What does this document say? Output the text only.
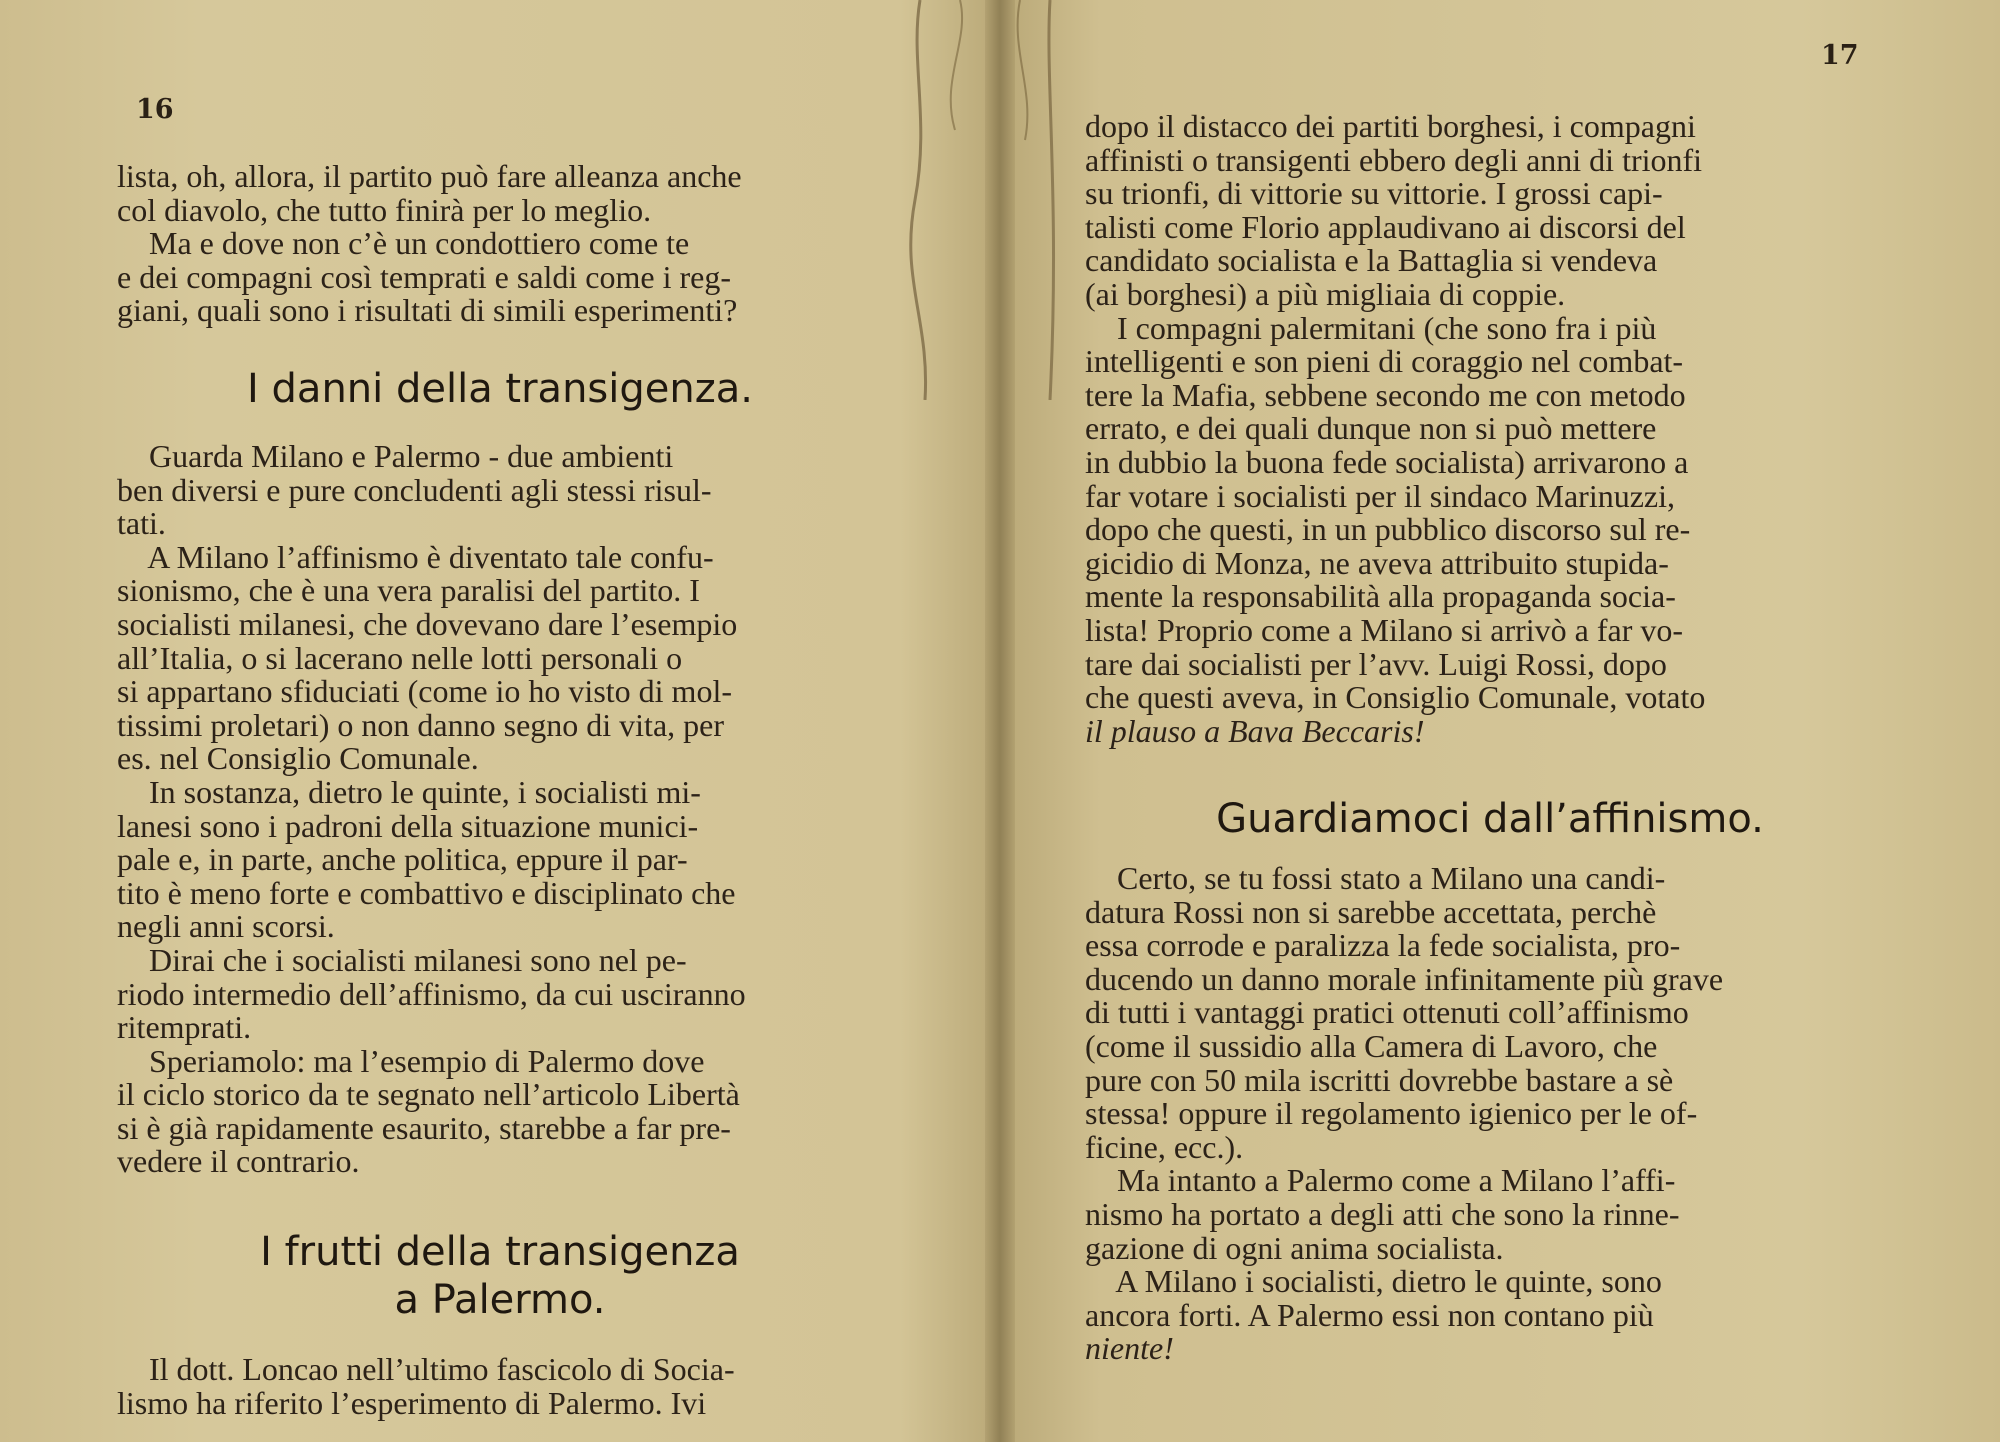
16

lista, oh, allora, il partito può fare alleanza anche

col diavolo, che tutto finirà per lo meglio.

Ma e dove non c’è un condottiero come te

e dei compagni così temprati e saldi come i reg-

giani, quali sono i risultati di simili esperimenti?

I danni della transigenza.

Guarda Milano e Palermo - due ambienti

ben diversi e pure concludenti agli stessi risul-

tati.

A Milano l’affinismo è diventato tale confu-

sionismo, che è una vera paralisi del partito. I

socialisti milanesi, che dovevano dare l’esempio

all’Italia, o si lacerano nelle lotti personali o

si appartano sfiduciati (come io ho visto di mol-

tissimi proletari) o non danno segno di vita, per

es. nel Consiglio Comunale.

In sostanza, dietro le quinte, i socialisti mi-

lanesi sono i padroni della situazione munici-

pale e, in parte, anche politica, eppure il par-

tito è meno forte e combattivo e disciplinato che

negli anni scorsi.

Dirai che i socialisti milanesi sono nel pe-

riodo intermedio dell’affinismo, da cui usciranno

ritemprati.

Speriamolo: ma l’esempio di Palermo dove

il ciclo storico da te segnato nell’articolo Libertà

si è già rapidamente esaurito, starebbe a far pre-

vedere il contrario.

I frutti della transigenza

a Palermo.

Il dott. Loncao nell’ultimo fascicolo di Socia-

lismo ha riferito l’esperimento di Palermo. Ivi

17

dopo il distacco dei partiti borghesi, i compagni

affinisti o transigenti ebbero degli anni di trionfi

su trionfi, di vittorie su vittorie. I grossi capi-

talisti come Florio applaudivano ai discorsi del

candidato socialista e la Battaglia si vendeva

(ai borghesi) a più migliaia di coppie.

I compagni palermitani (che sono fra i più

intelligenti e son pieni di coraggio nel combat-

tere la Mafia, sebbene secondo me con metodo

errato, e dei quali dunque non si può mettere

in dubbio la buona fede socialista) arrivarono a

far votare i socialisti per il sindaco Marinuzzi,

dopo che questi, in un pubblico discorso sul re-

gicidio di Monza, ne aveva attribuito stupida-

mente la responsabilità alla propaganda socia-

lista! Proprio come a Milano si arrivò a far vo-

tare dai socialisti per l’avv. Luigi Rossi, dopo

che questi aveva, in Consiglio Comunale, votato

il plauso a Bava Beccaris!

Guardiamoci dall’affinismo.

Certo, se tu fossi stato a Milano una candi-

datura Rossi non si sarebbe accettata, perchè

essa corrode e paralizza la fede socialista, pro-

ducendo un danno morale infinitamente più grave

di tutti i vantaggi pratici ottenuti coll’affinismo

(come il sussidio alla Camera di Lavoro, che

pure con 50 mila iscritti dovrebbe bastare a sè

stessa! oppure il regolamento igienico per le of-

ficine, ecc.).

Ma intanto a Palermo come a Milano l’affi-

nismo ha portato a degli atti che sono la rinne-

gazione di ogni anima socialista.

A Milano i socialisti, dietro le quinte, sono

ancora forti. A Palermo essi non contano più

niente!
